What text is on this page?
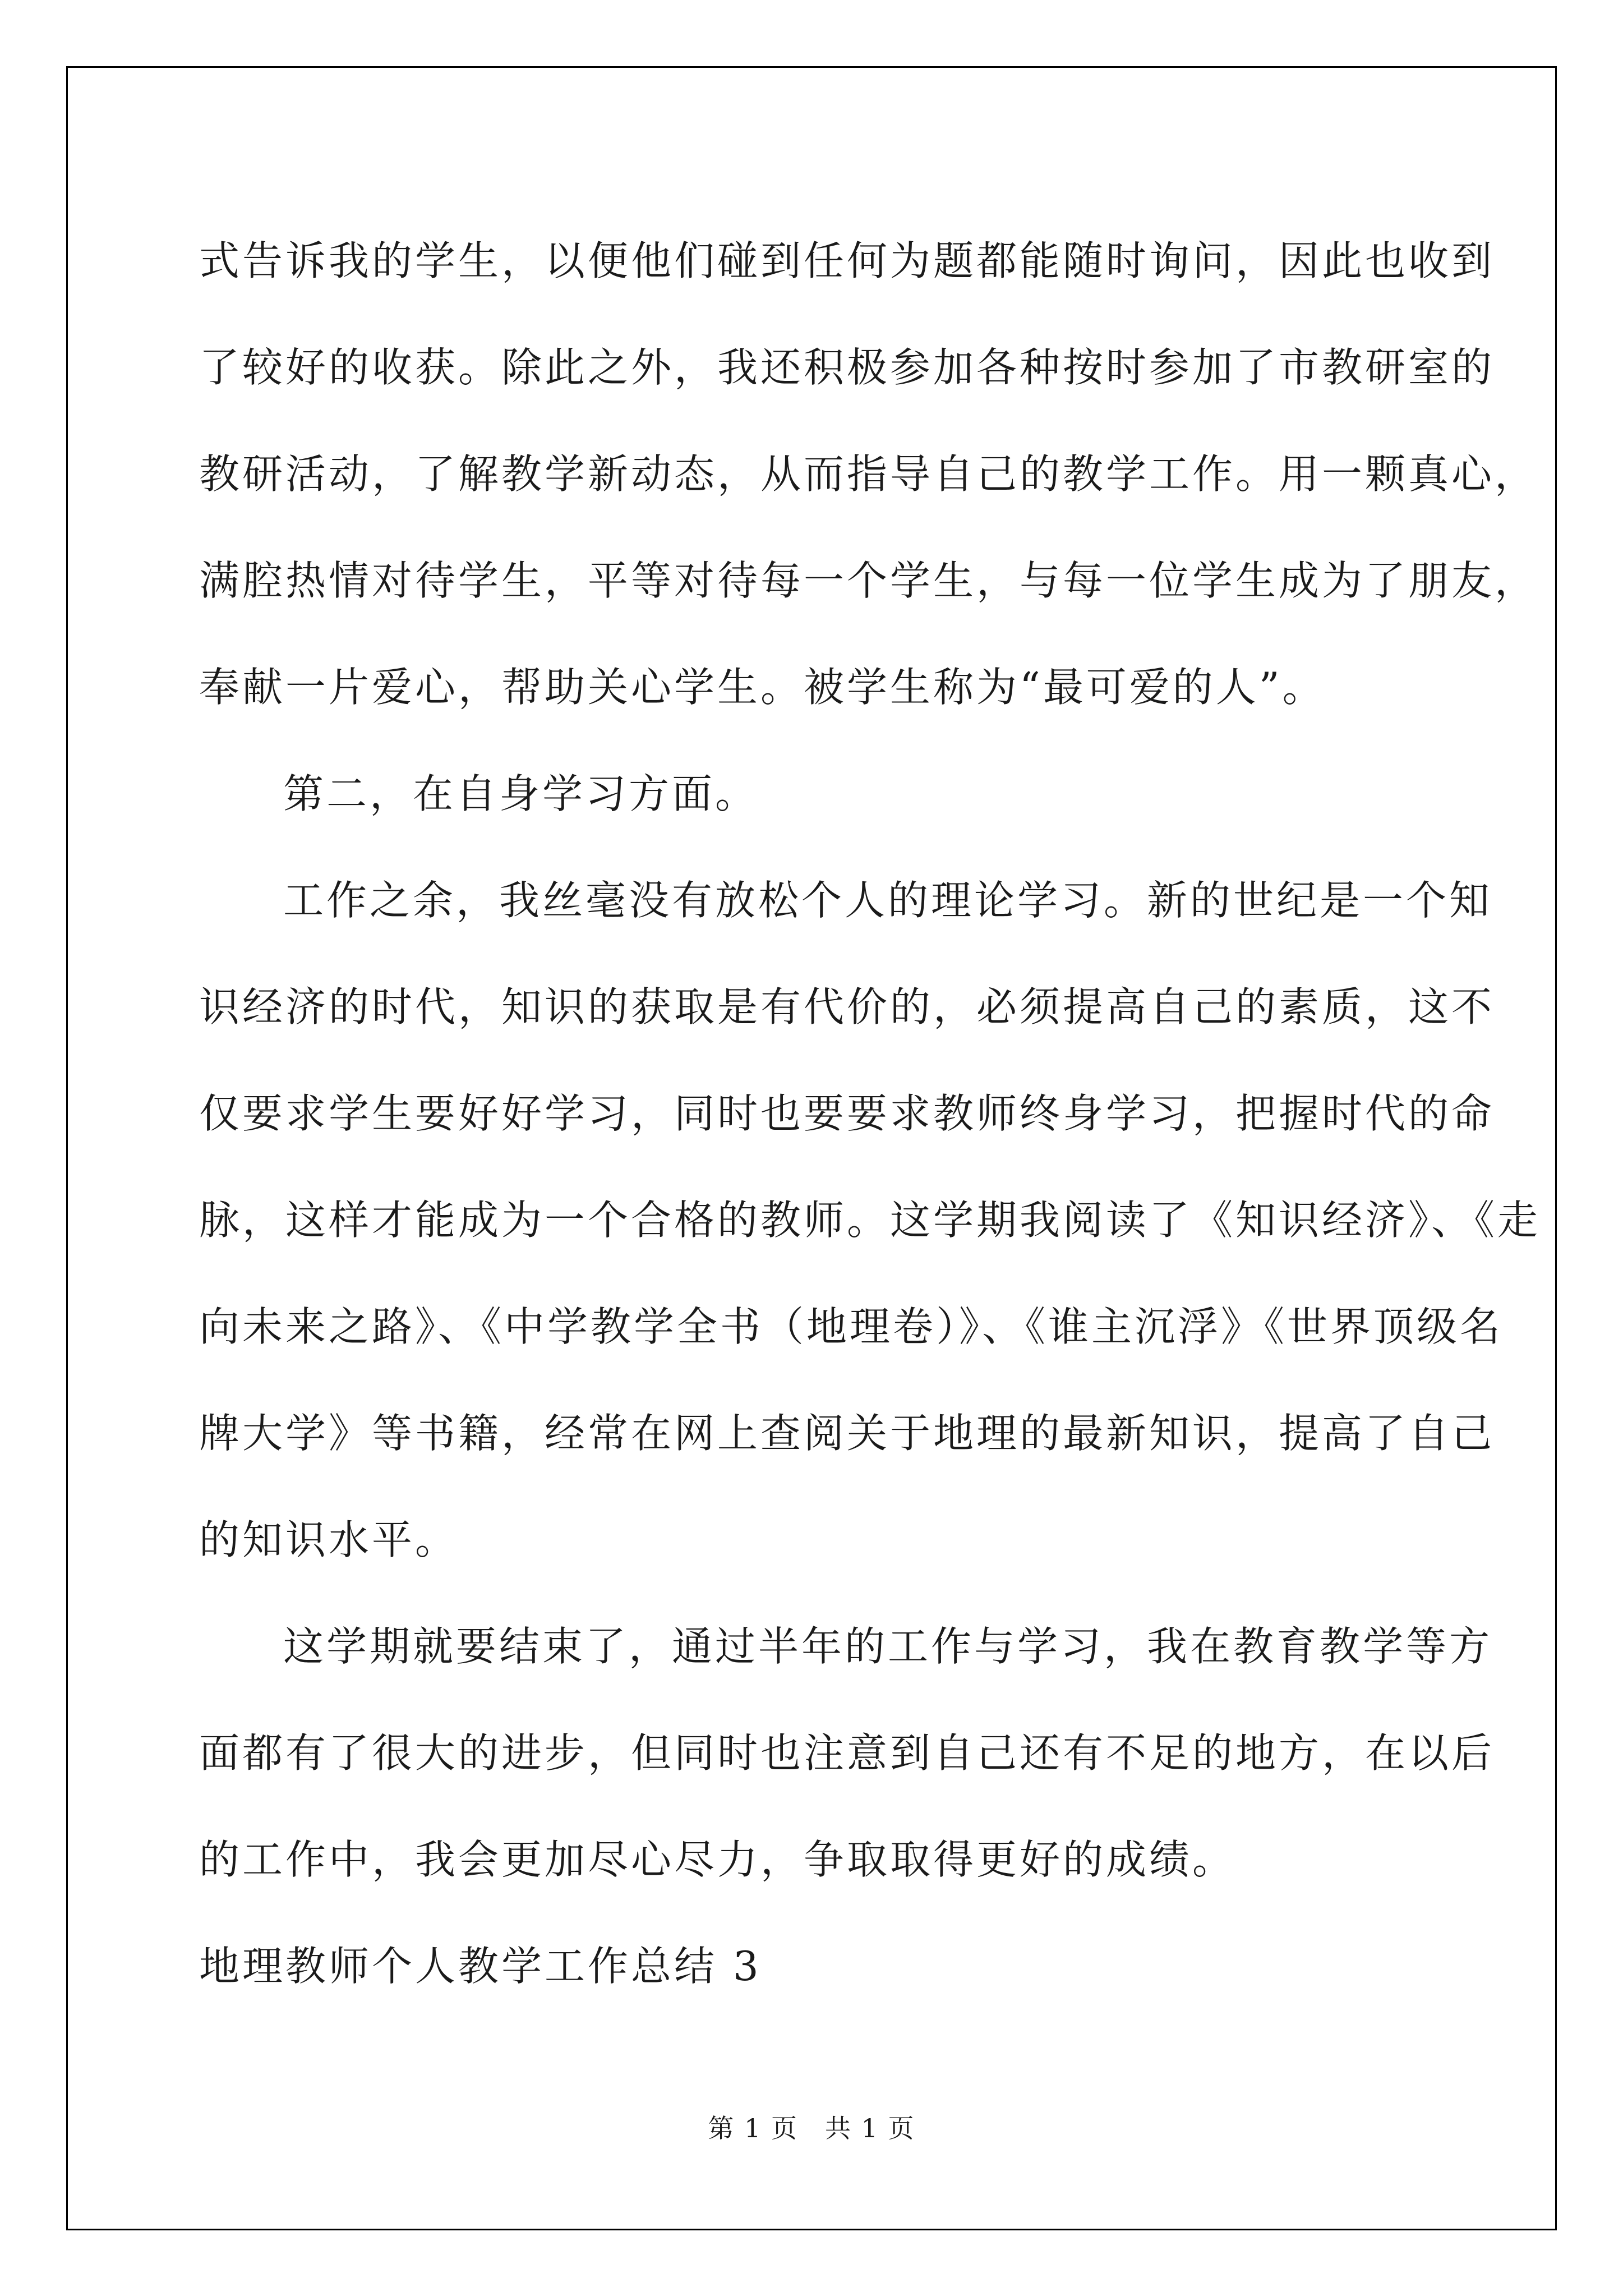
式告诉我的学生，以便他们碰到任何为题都能随时询问，因此也收到
了较好的收获。除此之外，我还积极参加各种按时参加了市教研室的
教研活动，了解教学新动态，从而指导自己的教学工作。用一颗真心，
满腔热情对待学生，平等对待每一个学生，与每一位学生成为了朋友，
奉献一片爱心，帮助关心学生。被学生称为“最可爱的人”。
第二，在自身学习方面。
工作之余，我丝毫没有放松个人的理论学习。新的世纪是一个知
识经济的时代，知识的获取是有代价的，必须提高自己的素质，这不
仅要求学生要好好学习，同时也要要求教师终身学习，把握时代的命
脉，这样才能成为一个合格的教师。这学期我阅读了《知识经济》、《走
向未来之路》、《中学教学全书（地理卷）》、《谁主沉浮》《世界顶级名
牌大学》等书籍，经常在网上查阅关于地理的最新知识，提高了自己
的知识水平。
这学期就要结束了，通过半年的工作与学习，我在教育教学等方
面都有了很大的进步，但同时也注意到自己还有不足的地方，在以后
的工作中，我会更加尽心尽力，争取取得更好的成绩。
地理教师个人教学工作总结 3
第 1 页　共 1 页
